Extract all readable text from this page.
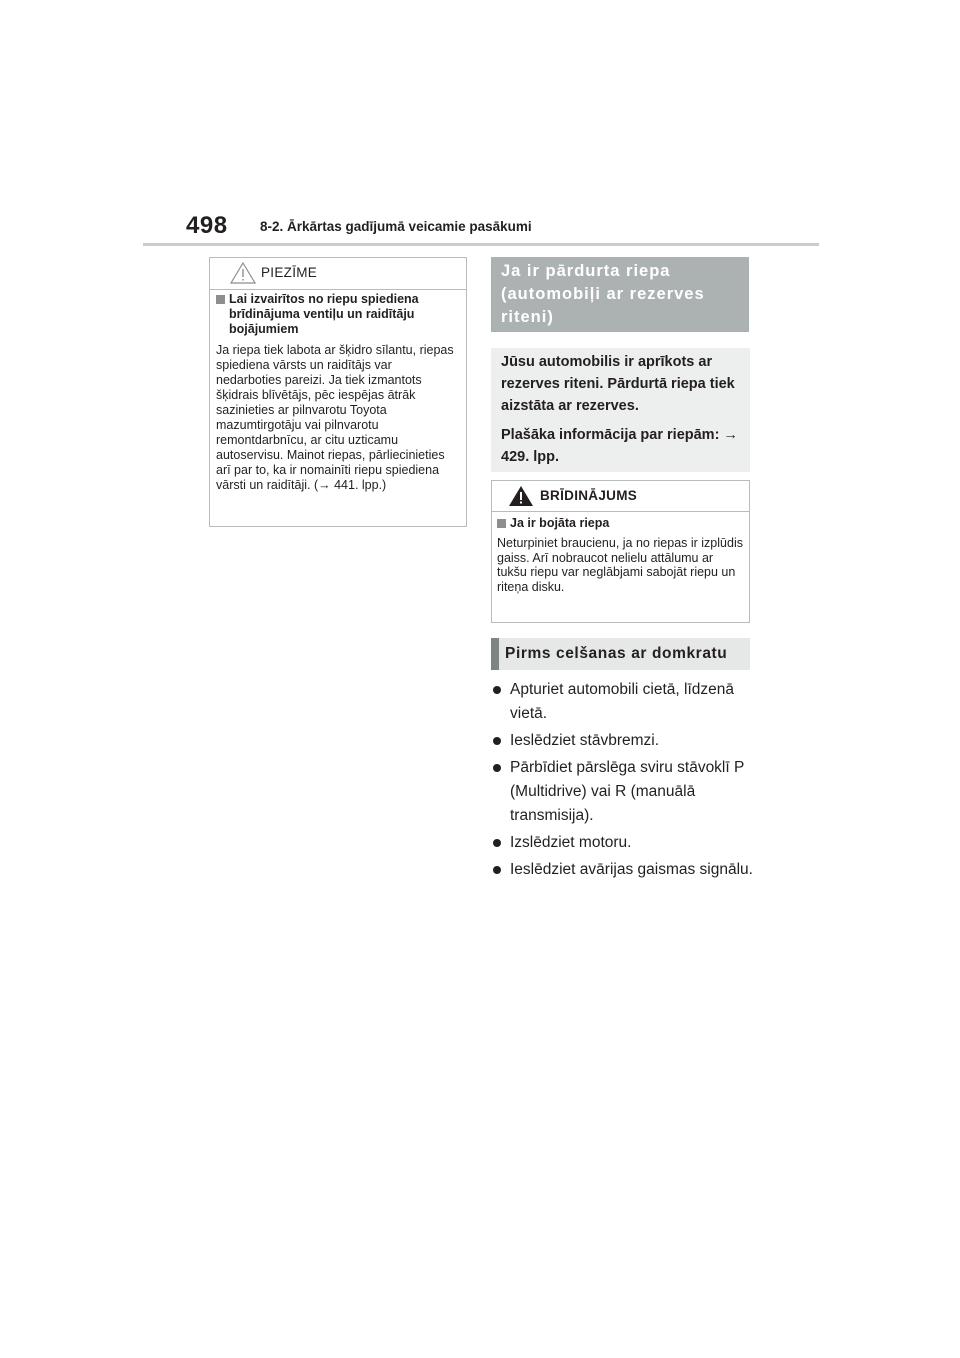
498 8-2. Ārkārtas gadījumā veicamie pasākumi
PIEZĪME
Lai izvairītos no riepu spiediena brīdinājuma ventiļu un raidītāju bojājumiem
Ja riepa tiek labota ar šķidro sīlantu, riepas spiediena vārsts un raidītājs var nedarboties pareizi. Ja tiek izmantots šķidrais blīvētājs, pēc iespējas ātrāk sazinieties ar pilnvarotu Toyota mazumtirgotāju vai pilnvarotu remontdarbnīcu, ar citu uzticamu autoservisu. Mainot riepas, pārliecinieties arī par to, ka ir nomainīti riepu spiediena vārsti un raidītāji. (→ 441. lpp.)
Ja ir pārdurta riepa (automobiļi ar rezerves riteni)

Jūsu automobilis ir aprīkots ar rezerves riteni. Pārdurtā riepa tiek aizstāta ar rezerves.

Plašāka informācija par riepām: → 429. lpp.

BRĪDINĀJUMS
Ja ir bojāta riepa
Neturpiniet braucienu, ja no riepas ir izplūdis gaiss. Arī nobraucot nelielu attālumu ar tukšu riepu var neglābjami sabojāt riepu un riteņa disku.
Pirms celšanas ar domkratu
Apturiet automobili cietā, līdzenā vietā.
Ieslēdziet stāvbremzi.
Pārbīdiet pārslēga sviru stāvoklī P (Multidrive) vai R (manuālā transmisija).
Izslēdziet motoru.
Ieslēdziet avārijas gaismas signālu.
